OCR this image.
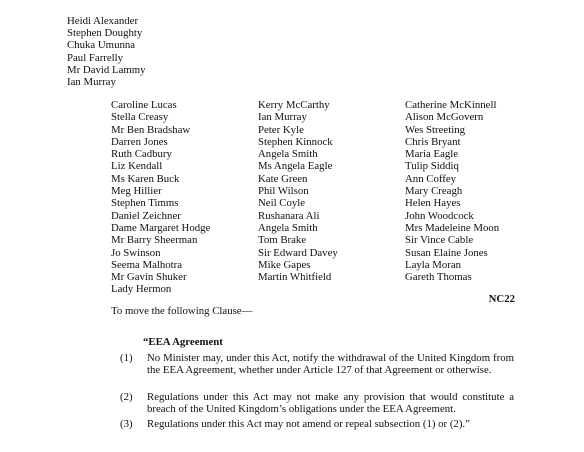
Heidi Alexander
Stephen Doughty
Chuka Umunna
Paul Farrelly
Mr David Lammy
Ian Murray
Caroline Lucas
Stella Creasy
Mr Ben Bradshaw
Darren Jones
Ruth Cadbury
Liz Kendall
Ms Karen Buck
Meg Hillier
Stephen Timms
Daniel Zeichner
Dame Margaret Hodge
Mr Barry Sheerman
Jo Swinson
Seema Malhotra
Mr Gavin Shuker
Lady Hermon
Kerry McCarthy
Ian Murray
Peter Kyle
Stephen Kinnock
Angela Smith
Ms Angela Eagle
Kate Green
Phil Wilson
Neil Coyle
Rushanara Ali
Angela Smith
Tom Brake
Sir Edward Davey
Mike Gapes
Martin Whitfield
Catherine McKinnell
Alison McGovern
Wes Streeting
Chris Bryant
Maria Eagle
Tulip Siddiq
Ann Coffey
Mary Creagh
Helen Hayes
John Woodcock
Mrs Madeleine Moon
Sir Vince Cable
Susan Elaine Jones
Layla Moran
Gareth Thomas
NC22
To move the following Clause—
“EEA Agreement
(1) No Minister may, under this Act, notify the withdrawal of the United Kingdom from the EEA Agreement, whether under Article 127 of that Agreement or otherwise.
(2) Regulations under this Act may not make any provision that would constitute a breach of the United Kingdom’s obligations under the EEA Agreement.
(3) Regulations under this Act may not amend or repeal subsection (1) or (2).”
